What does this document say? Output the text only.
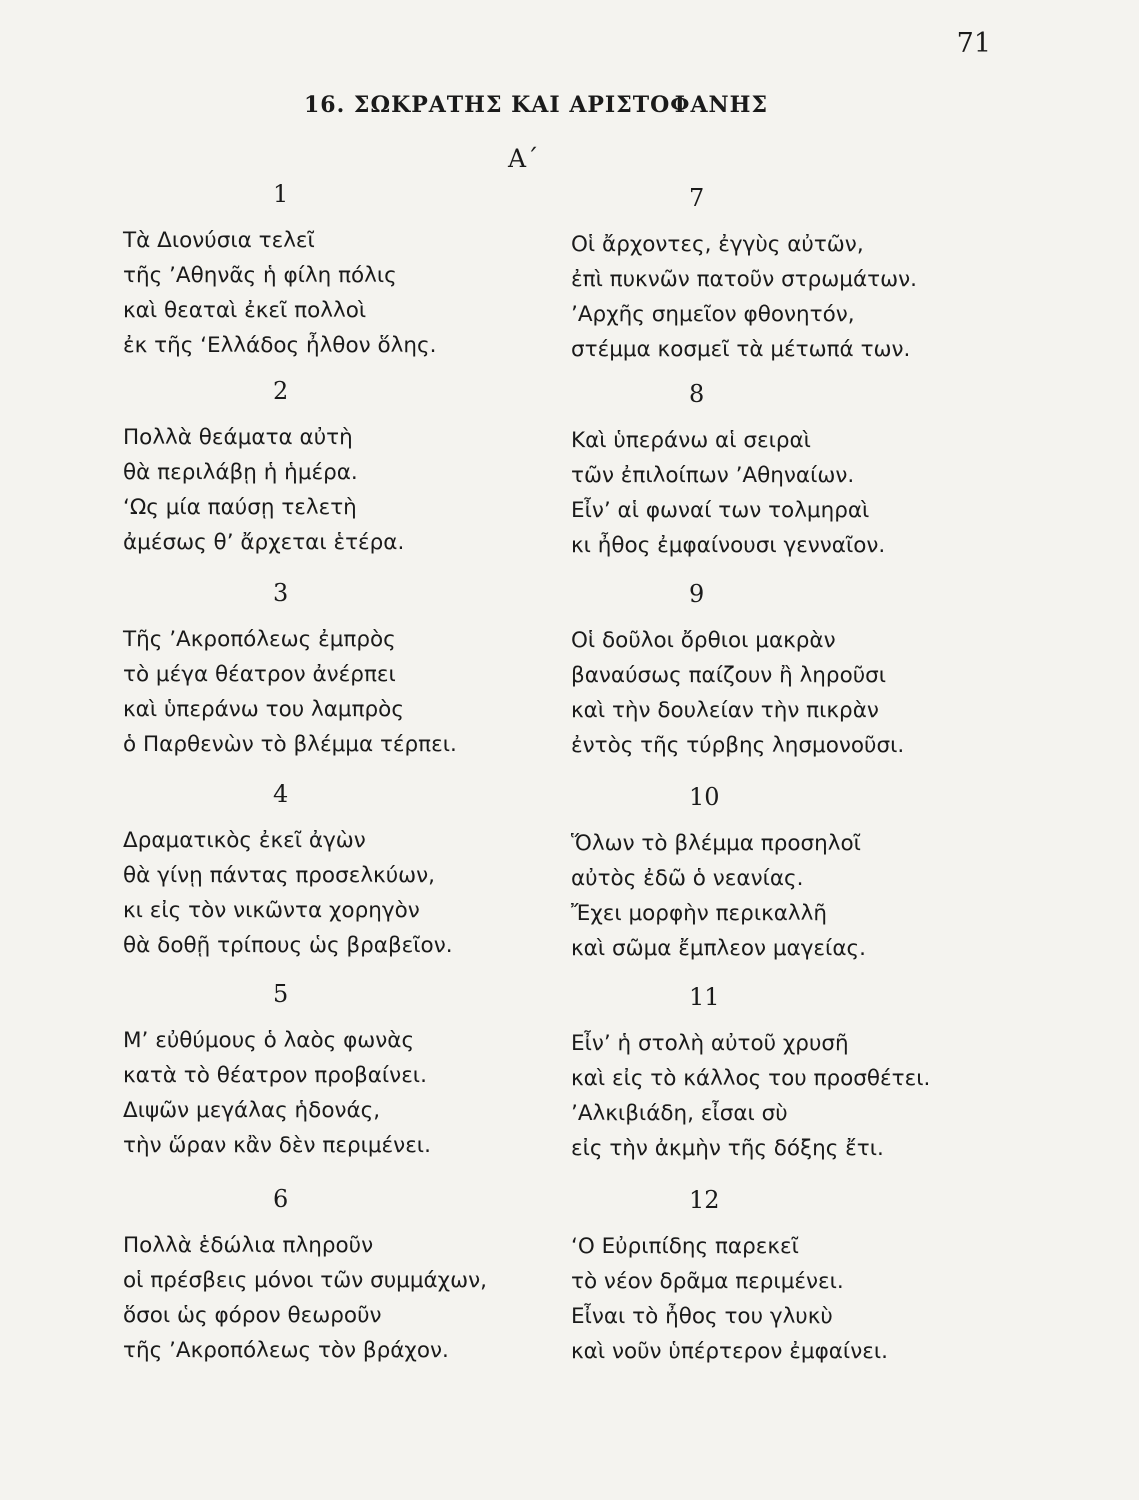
71
16. ΣΩΚΡΑΤΗΣ ΚΑΙ ΑΡΙΣΤΟΦΑΝΗΣ
Α΄
1
Τὰ Διονύσια τελεῖ
τῆς ’Αθηνᾶς ἡ φίλη πόλις
καὶ θεαταὶ ἐκεῖ πολλοὶ
ἐκ τῆς ‘Ελλάδος ἦλθον ὅλης.
2
Πολλὰ θεάματα αὐτὴ
θὰ περιλάβῃ ἡ ἡμέρα.
‘Ως μία παύσῃ τελετὴ
ἀμέσως θ’ ἄρχεται ἑτέρα.
3
Τῆς ’Ακροπόλεως ἐμπρὸς
τὸ μέγα θέατρον ἀνέρπει
καὶ ὑπεράνω του λαμπρὸς
ὁ Παρθενὼν τὸ βλέμμα τέρπει.
4
Δραματικὸς ἐκεῖ ἀγὼν
θὰ γίνῃ πάντας προσελκύων,
κι εἰς τὸν νικῶντα χορηγὸν
θὰ δοθῇ τρίπους ὡς βραβεῖον.
5
Μ’ εὐθύμους ὁ λαὸς φωνὰς
κατὰ τὸ θέατρον προβαίνει.
Διψῶν μεγάλας ἡδονάς,
τὴν ὥραν κἂν δὲν περιμένει.
6
Πολλὰ ἑδώλια πληροῦν
οἱ πρέσβεις μόνοι τῶν συμμάχων,
ὅσοι ὡς φόρον θεωροῦν
τῆς ’Ακροπόλεως τὸν βράχον.
7
Οἱ ἄρχοντες, ἐγγὺς αὐτῶν,
ἐπὶ πυκνῶν πατοῦν στρωμάτων.
’Αρχῆς σημεῖον φθονητόν,
στέμμα κοσμεῖ τὰ μέτωπά των.
8
Καὶ ὑπεράνω αἱ σειραὶ
τῶν ἐπιλοίπων ’Αθηναίων.
Εἶν’ αἱ φωναί των τολμηραὶ
κι ἦθος ἐμφαίνουσι γενναῖον.
9
Οἱ δοῦλοι ὄρθιοι μακρὰν
βαναύσως παίζουν ἢ ληροῦσι
καὶ τὴν δουλείαν τὴν πικρὰν
ἐντὸς τῆς τύρβης λησμονοῦσι.
10
Ὅλων τὸ βλέμμα προσηλοῖ
αὐτὸς ἐδῶ ὁ νεανίας.
Ἔχει μορφὴν περικαλλῆ
καὶ σῶμα ἔμπλεον μαγείας.
11
Εἶν’ ἡ στολὴ αὐτοῦ χρυσῆ
καὶ εἰς τὸ κάλλος του προσθέτει.
’Αλκιβιάδη, εἶσαι σὺ
εἰς τὴν ἀκμὴν τῆς δόξης ἔτι.
12
‘Ο Εὐριπίδης παρεκεῖ
τὸ νέον δρᾶμα περιμένει.
Εἶναι τὸ ἦθος του γλυκὺ
καὶ νοῦν ὑπέρτερον ἐμφαίνει.
